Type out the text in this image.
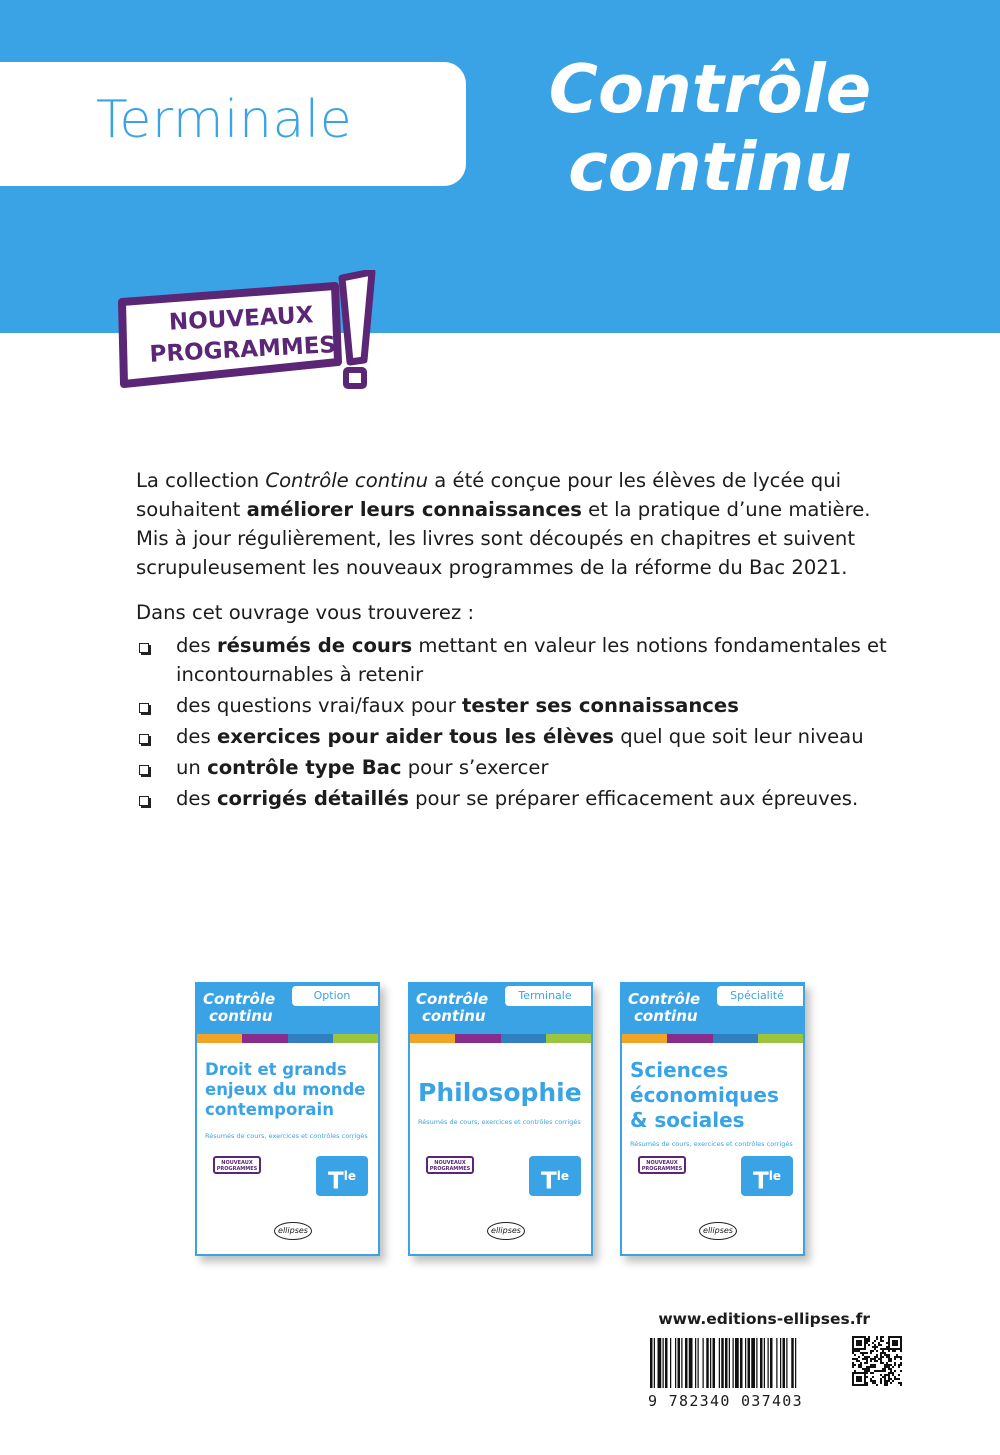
Terminale	Contrôle
continu
NOUVEAUX
PROGRAMMES

La collection Contrôle continu a été conçue pour les élèves de lycée qui souhaitent améliorer leurs connaissances et la pratique d’une matière. Mis à jour régulièrement, les livres sont découpés en chapitres et suivent scrupuleusement les nouveaux programmes de la réforme du Bac 2021.

Dans cet ouvrage vous trouverez :
des résumés de cours mettant en valeur les notions fondamentales et incontournables à retenir
des questions vrai/faux pour tester ses connaissances
des exercices pour aider tous les élèves quel que soit leur niveau
un contrôle type Bac pour s’exercer
des corrigés détaillés pour se préparer efficacement aux épreuves.
Option
Contrôle
continu
Droit et grands
enjeux du monde
contemporain
Résumés de cours, exercices et contrôles corrigés
NOUVEAUX PROGRAMMES	$T^{le}$
ellipses
Terminale
Contrôle
continu
Philosophie
Résumés de cours, exercices et contrôles corrigés
NOUVEAUX PROGRAMMES	$T^{le}$
ellipses
Spécialité
Contrôle
continu
Sciences
économiques
& sociales
Résumés de cours, exercices et contrôles corrigés
NOUVEAUX PROGRAMMES	$T^{le}$
ellipses
www.editions-ellipses.fr
9 782340 037403
